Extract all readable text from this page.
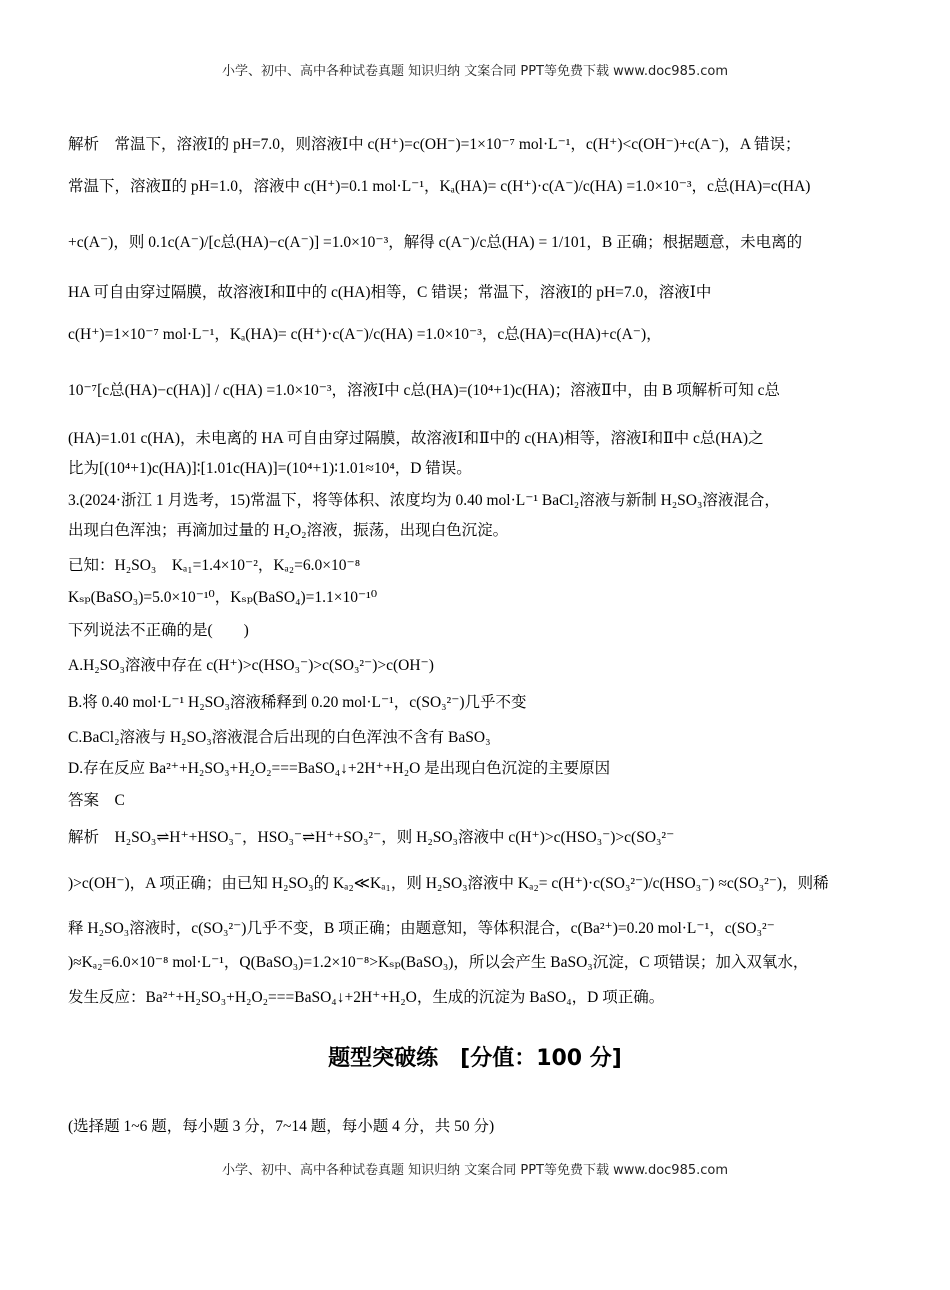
小学、初中、高中各种试卷真题 知识归纳 文案合同 PPT等免费下载 www.doc985.com
解析　常温下，溶液Ⅰ的 pH=7.0，则溶液Ⅰ中 c(H⁺)=c(OH⁻)=1×10⁻⁷ mol·L⁻¹，c(H⁺)<c(OH⁻)+c(A⁻)，A 错误；
常温下，溶液Ⅱ的 pH=1.0，溶液中 c(H⁺)=0.1 mol·L⁻¹，Kₐ(HA)= c(H⁺)·c(A⁻)/c(HA) =1.0×10⁻³，c总(HA)=c(HA)
+c(A⁻)，则 0.1c(A⁻)/[c总(HA)−c(A⁻)] =1.0×10⁻³，解得 c(A⁻)/c总(HA) = 1/101，B 正确；根据题意，未电离的
HA 可自由穿过隔膜，故溶液Ⅰ和Ⅱ中的 c(HA)相等，C 错误；常温下，溶液Ⅰ的 pH=7.0，溶液Ⅰ中
c(H⁺)=1×10⁻⁷ mol·L⁻¹，Kₐ(HA)= c(H⁺)·c(A⁻)/c(HA) =1.0×10⁻³，c总(HA)=c(HA)+c(A⁻)，
10⁻⁷[c总(HA)−c(HA)] / c(HA) =1.0×10⁻³，溶液Ⅰ中 c总(HA)=(10⁴+1)c(HA)；溶液Ⅱ中，由 B 项解析可知 c总
(HA)=1.01 c(HA)，未电离的 HA 可自由穿过隔膜，故溶液Ⅰ和Ⅱ中的 c(HA)相等，溶液Ⅰ和Ⅱ中 c总(HA)之
比为[(10⁴+1)c(HA)]∶[1.01c(HA)]=(10⁴+1)∶1.01≈10⁴，D 错误。
3.(2024·浙江 1 月选考，15)常温下，将等体积、浓度均为 0.40 mol·L⁻¹ BaCl₂溶液与新制 H₂SO₃溶液混合，
出现白色浑浊；再滴加过量的 H₂O₂溶液，振荡，出现白色沉淀。
已知：H₂SO₃　Kₐ₁=1.4×10⁻²，Kₐ₂=6.0×10⁻⁸
Kₛₚ(BaSO₃)=5.0×10⁻¹⁰，Kₛₚ(BaSO₄)=1.1×10⁻¹⁰
下列说法不正确的是(　　)
A.H₂SO₃溶液中存在 c(H⁺)>c(HSO₃⁻)>c(SO₃²⁻)>c(OH⁻)
B.将 0.40 mol·L⁻¹ H₂SO₃溶液稀释到 0.20 mol·L⁻¹，c(SO₃²⁻)几乎不变
C.BaCl₂溶液与 H₂SO₃溶液混合后出现的白色浑浊不含有 BaSO₃
D.存在反应 Ba²⁺+H₂SO₃+H₂O₂===BaSO₄↓+2H⁺+H₂O 是出现白色沉淀的主要原因
答案　C
解析　H₂SO₃⇌H⁺+HSO₃⁻，HSO₃⁻⇌H⁺+SO₃²⁻，则 H₂SO₃溶液中 c(H⁺)>c(HSO₃⁻)>c(SO₃²⁻
)>c(OH⁻)，A 项正确；由已知 H₂SO₃的 Kₐ₂≪Kₐ₁，则 H₂SO₃溶液中 Kₐ₂= c(H⁺)·c(SO₃²⁻)/c(HSO₃⁻) ≈c(SO₃²⁻)，则稀
释 H₂SO₃溶液时，c(SO₃²⁻)几乎不变，B 项正确；由题意知，等体积混合，c(Ba²⁺)=0.20 mol·L⁻¹，c(SO₃²⁻
)≈Kₐ₂=6.0×10⁻⁸ mol·L⁻¹，Q(BaSO₃)=1.2×10⁻⁸>Kₛₚ(BaSO₃)，所以会产生 BaSO₃沉淀，C 项错误；加入双氧水，
发生反应：Ba²⁺+H₂SO₃+H₂O₂===BaSO₄↓+2H⁺+H₂O，生成的沉淀为 BaSO₄，D 项正确。
题型突破练　[分值：100 分]
(选择题 1~6 题，每小题 3 分，7~14 题，每小题 4 分，共 50 分)
小学、初中、高中各种试卷真题 知识归纳 文案合同 PPT等免费下载 www.doc985.com
